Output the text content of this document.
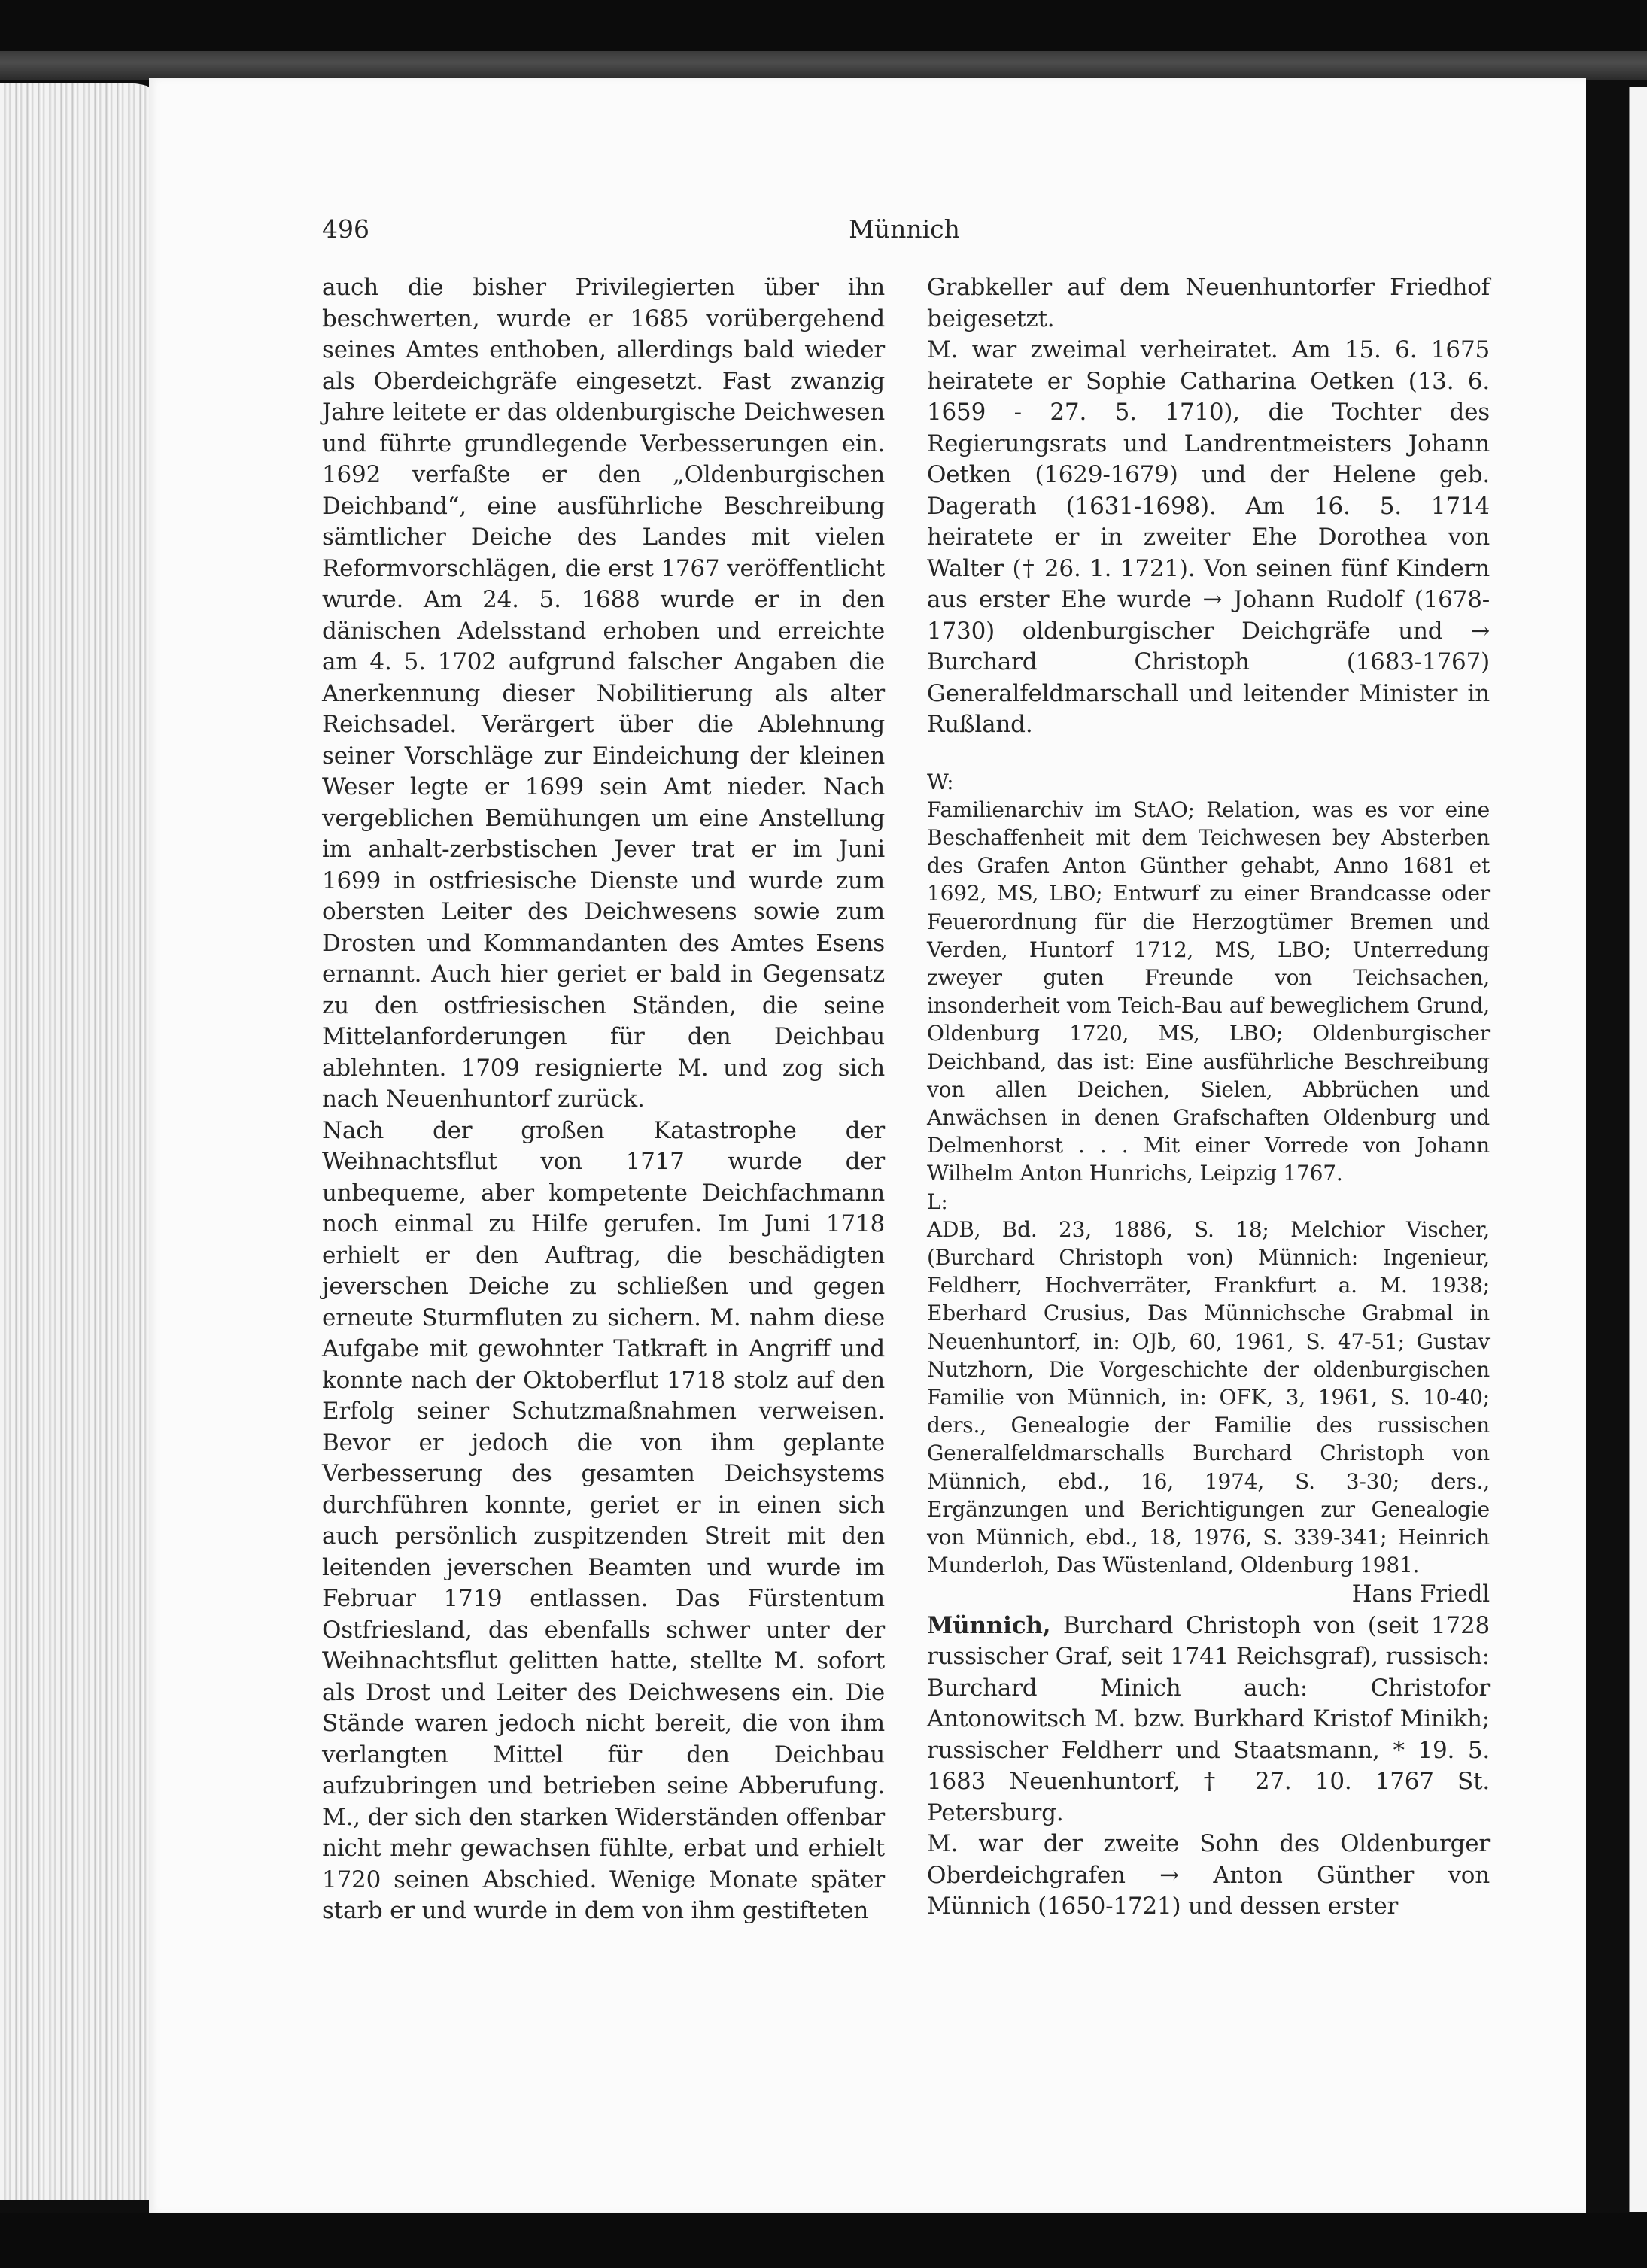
496	Münnich

auch die bisher Privilegierten über ihn beschwerten, wurde er 1685 vorübergehend seines Amtes enthoben, allerdings bald wieder als Oberdeichgräfe eingesetzt. Fast zwanzig Jahre leitete er das oldenburgische Deichwesen und führte grundlegende Verbesserungen ein. 1692 verfaßte er den „Oldenburgischen Deichband“, eine ausführliche Beschreibung sämtlicher Deiche des Landes mit vielen Reformvorschlägen, die erst 1767 veröffentlicht wurde. Am 24. 5. 1688 wurde er in den dänischen Adelsstand erhoben und erreichte am 4. 5. 1702 aufgrund falscher Angaben die Anerkennung dieser Nobilitierung als alter Reichsadel. Verärgert über die Ablehnung seiner Vorschläge zur Eindeichung der kleinen Weser legte er 1699 sein Amt nieder. Nach vergeblichen Bemühungen um eine Anstellung im anhalt-zerbstischen Jever trat er im Juni 1699 in ostfriesische Dienste und wurde zum obersten Leiter des Deichwesens sowie zum Drosten und Kommandanten des Amtes Esens ernannt. Auch hier geriet er bald in Gegensatz zu den ostfriesischen Ständen, die seine Mittelanforderungen für den Deichbau ablehnten. 1709 resignierte M. und zog sich nach Neuenhuntorf zurück.

Nach der großen Katastrophe der Weihnachtsflut von 1717 wurde der unbequeme, aber kompetente Deichfachmann noch einmal zu Hilfe gerufen. Im Juni 1718 erhielt er den Auftrag, die beschädigten jeverschen Deiche zu schließen und gegen erneute Sturmfluten zu sichern. M. nahm diese Aufgabe mit gewohnter Tatkraft in Angriff und konnte nach der Oktoberflut 1718 stolz auf den Erfolg seiner Schutzmaßnahmen verweisen. Bevor er jedoch die von ihm geplante Verbesserung des gesamten Deichsystems durchführen konnte, geriet er in einen sich auch persönlich zuspitzenden Streit mit den leitenden jeverschen Beamten und wurde im Februar 1719 entlassen. Das Fürstentum Ostfriesland, das ebenfalls schwer unter der Weihnachtsflut gelitten hatte, stellte M. sofort als Drost und Leiter des Deichwesens ein. Die Stände waren jedoch nicht bereit, die von ihm verlangten Mittel für den Deichbau aufzubringen und betrieben seine Abberufung. M., der sich den starken Widerständen offenbar nicht mehr gewachsen fühlte, erbat und erhielt 1720 seinen Abschied. Wenige Monate später starb er und wurde in dem von ihm gestifteten

Grabkeller auf dem Neuenhuntorfer Friedhof beigesetzt.

M. war zweimal verheiratet. Am 15. 6. 1675 heiratete er Sophie Catharina Oetken (13. 6. 1659 - 27. 5. 1710), die Tochter des Regierungsrats und Landrentmeisters Johann Oetken (1629-1679) und der Helene geb. Dagerath (1631-1698). Am 16. 5. 1714 heiratete er in zweiter Ehe Dorothea von Walter († 26. 1. 1721). Von seinen fünf Kindern aus erster Ehe wurde → Johann Rudolf (1678-1730) oldenburgischer Deichgräfe und → Burchard Christoph (1683-1767) Generalfeldmarschall und leitender Minister in Rußland.

W:

Familienarchiv im StAO; Relation, was es vor eine Beschaffenheit mit dem Teichwesen bey Absterben des Grafen Anton Günther gehabt, Anno 1681 et 1692, MS, LBO; Entwurf zu einer Brandcasse oder Feuerordnung für die Herzogtümer Bremen und Verden, Huntorf 1712, MS, LBO; Unterredung zweyer guten Freunde von Teichsachen, insonderheit vom Teich-Bau auf beweglichem Grund, Oldenburg 1720, MS, LBO; Oldenburgischer Deichband, das ist: Eine ausführliche Beschreibung von allen Deichen, Sielen, Abbrüchen und Anwächsen in denen Grafschaften Oldenburg und Delmenhorst . . . Mit einer Vorrede von Johann Wilhelm Anton Hunrichs, Leipzig 1767.

L:

ADB, Bd. 23, 1886, S. 18; Melchior Vischer, (Burchard Christoph von) Münnich: Ingenieur, Feldherr, Hochverräter, Frankfurt a. M. 1938; Eberhard Crusius, Das Münnichsche Grabmal in Neuenhuntorf, in: OJb, 60, 1961, S. 47-51; Gustav Nutzhorn, Die Vorgeschichte der oldenburgischen Familie von Münnich, in: OFK, 3, 1961, S. 10-40; ders., Genealogie der Familie des russischen Generalfeldmarschalls Burchard Christoph von Münnich, ebd., 16, 1974, S. 3-30; ders., Ergänzungen und Berichtigungen zur Genealogie von Münnich, ebd., 18, 1976, S. 339-341; Heinrich Munderloh, Das Wüstenland, Oldenburg 1981.

Hans Friedl

Münnich, Burchard Christoph von (seit 1728 russischer Graf, seit 1741 Reichsgraf), russisch: Burchard Minich auch: Christofor Antonowitsch M. bzw. Burkhard Kristof Minikh; russischer Feldherr und Staatsmann, * 19. 5. 1683 Neuenhuntorf, † 27. 10. 1767 St. Petersburg.

M. war der zweite Sohn des Oldenburger Oberdeichgrafen → Anton Günther von Münnich (1650-1721) und dessen erster
